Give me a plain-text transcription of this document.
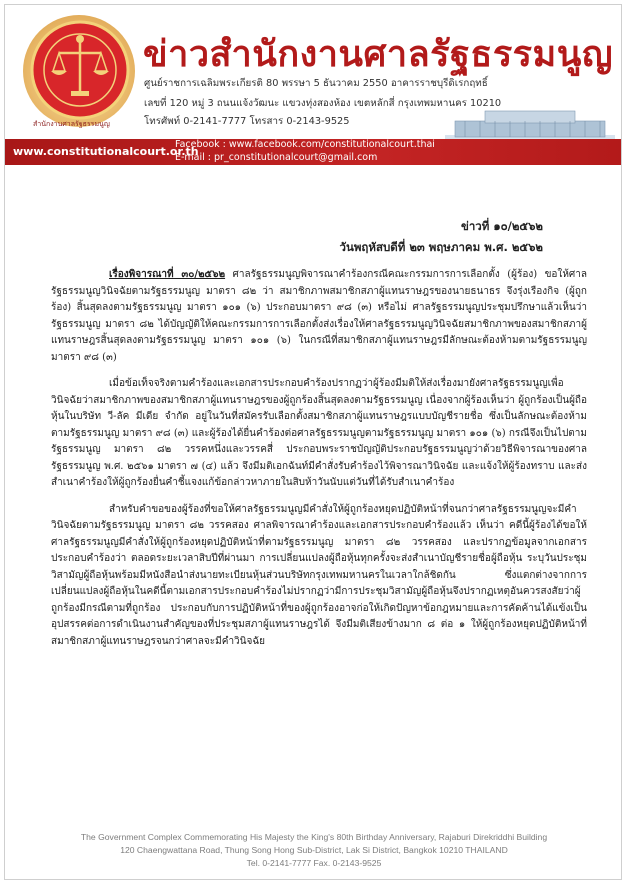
สำนักงานศาลรัฐธรรมนูญ
ข่าวสำนักงานศาลรัฐธรรมนูญ
ศูนย์ราชการเฉลิมพระเกียรติ 80 พรรษา 5 ธันวาคม 2550 อาคารราชบุรีดิเรกฤทธิ์
เลขที่ 120 หมู่ 3 ถนนแจ้งวัฒนะ แขวงทุ่งสองห้อง เขตหลักสี่ กรุงเทพมหานคร 10210
โทรศัพท์ 0-2141-7777 โทรสาร 0-2143-9525
www.constitutionalcourt.or.th
Facebook : www.facebook.com/constitutionalcourt.thai
E-mail : pr_constitutionalcourt@gmail.com
ข่าวที่ ๑๐/๒๕๖๒
วันพฤหัสบดีที่ ๒๓ พฤษภาคม พ.ศ. ๒๕๖๒

เรื่องพิจารณาที่ ๓๐/๒๕๖๒ ศาลรัฐธรรมนูญพิจารณาคำร้องกรณีคณะกรรมการการเลือกตั้ง (ผู้ร้อง) ขอให้ศาลรัฐธรรมนูญวินิจฉัยตามรัฐธรรมนูญ มาตรา ๘๒ ว่า สมาชิกภาพสมาชิกสภาผู้แทนราษฎรของนายธนาธร จึงรุ่งเรืองกิจ (ผู้ถูกร้อง) สิ้นสุดลงตามรัฐธรรมนูญ มาตรา ๑๐๑ (๖) ประกอบมาตรา ๙๘ (๓) หรือไม่ ศาลรัฐธรรมนูญประชุมปรึกษาแล้วเห็นว่า รัฐธรรมนูญ มาตรา ๘๒ ได้บัญญัติให้คณะกรรมการการเลือกตั้งส่งเรื่องให้ศาลรัฐธรรมนูญวินิจฉัยสมาชิกภาพของสมาชิกสภาผู้แทนราษฎรสิ้นสุดลงตามรัฐธรรมนูญ มาตรา ๑๐๑ (๖) ในกรณีที่สมาชิกสภาผู้แทนราษฎรมีลักษณะต้องห้ามตามรัฐธรรมนูญ มาตรา ๙๘ (๓)

เมื่อข้อเท็จจริงตามคำร้องและเอกสารประกอบคำร้องปรากฏว่าผู้ร้องมีมติให้ส่งเรื่องมายังศาลรัฐธรรมนูญเพื่อวินิจฉัยว่าสมาชิกภาพของสมาชิกสภาผู้แทนราษฎรของผู้ถูกร้องสิ้นสุดลงตามรัฐธรรมนูญ เนื่องจากผู้ร้องเห็นว่า ผู้ถูกร้องเป็นผู้ถือหุ้นในบริษัท วี-ลัค มีเดีย จำกัด อยู่ในวันที่สมัครรับเลือกตั้งสมาชิกสภาผู้แทนราษฎรแบบบัญชีรายชื่อ ซึ่งเป็นลักษณะต้องห้ามตามรัฐธรรมนูญ มาตรา ๙๘ (๓) และผู้ร้องได้ยื่นคำร้องต่อศาลรัฐธรรมนูญตามรัฐธรรมนูญ มาตรา ๑๐๑ (๖) กรณีจึงเป็นไปตามรัฐธรรมนูญ มาตรา ๘๒ วรรคหนึ่งและวรรคสี่ ประกอบพระราชบัญญัติประกอบรัฐธรรมนูญว่าด้วยวิธีพิจารณาของศาลรัฐธรรมนูญ พ.ศ. ๒๕๖๑ มาตรา ๗ (๔) แล้ว จึงมีมติเอกฉันท์มีคำสั่งรับคำร้องไว้พิจารณาวินิจฉัย และแจ้งให้ผู้ร้องทราบ และส่งสำเนาคำร้องให้ผู้ถูกร้องยื่นคำชี้แจงแก้ข้อกล่าวหาภายในสิบห้าวันนับแต่วันที่ได้รับสำเนาคำร้อง

สำหรับคำขอของผู้ร้องที่ขอให้ศาลรัฐธรรมนูญมีคำสั่งให้ผู้ถูกร้องหยุดปฏิบัติหน้าที่จนกว่าศาลรัฐธรรมนูญจะมีคำวินิจฉัยตามรัฐธรรมนูญ มาตรา ๘๒ วรรคสอง ศาลพิจารณาคำร้องและเอกสารประกอบคำร้องแล้ว เห็นว่า คดีนี้ผู้ร้องได้ขอให้ศาลรัฐธรรมนูญมีคำสั่งให้ผู้ถูกร้องหยุดปฏิบัติหน้าที่ตามรัฐธรรมนูญ มาตรา ๘๒ วรรคสอง และปรากฏข้อมูลจากเอกสารประกอบคำร้องว่า ตลอดระยะเวลาสิบปีที่ผ่านมา การเปลี่ยนแปลงผู้ถือหุ้นทุกครั้งจะส่งสำเนาบัญชีรายชื่อผู้ถือหุ้น ระบุวันประชุมวิสามัญผู้ถือหุ้นพร้อมมีหนังสือนำส่งนายทะเบียนหุ้นส่วนบริษัทกรุงเทพมหานครในเวลาใกล้ชิดกัน ซึ่งแตกต่างจากการเปลี่ยนแปลงผู้ถือหุ้นในคดีนี้ตามเอกสารประกอบคำร้องไม่ปรากฏว่ามีการประชุมวิสามัญผู้ถือหุ้นจึงปรากฏเหตุอันควรสงสัยว่าผู้ถูกร้องมีกรณีตามที่ถูกร้อง ประกอบกับการปฏิบัติหน้าที่ของผู้ถูกร้องอาจก่อให้เกิดปัญหาข้อกฎหมายและการคัดค้านได้แข้งเป็นอุปสรรคต่อการดำเนินงานสำคัญของที่ประชุมสภาผู้แทนราษฎรได้ จึงมีมติเสียงข้างมาก ๘ ต่อ ๑ ให้ผู้ถูกร้องหยุดปฏิบัติหน้าที่สมาชิกสภาผู้แทนราษฎรจนกว่าศาลจะมีคำวินิจฉัย

The Government Complex Commemorating His Majesty the King's 80th Birthday Anniversary, Rajaburi Direkriddhi Building
120 Chaengwattana Road, Thung Song Hong Sub-District, Lak Si District, Bangkok 10210 THAILAND
Tel. 0-2141-7777 Fax. 0-2143-9525
